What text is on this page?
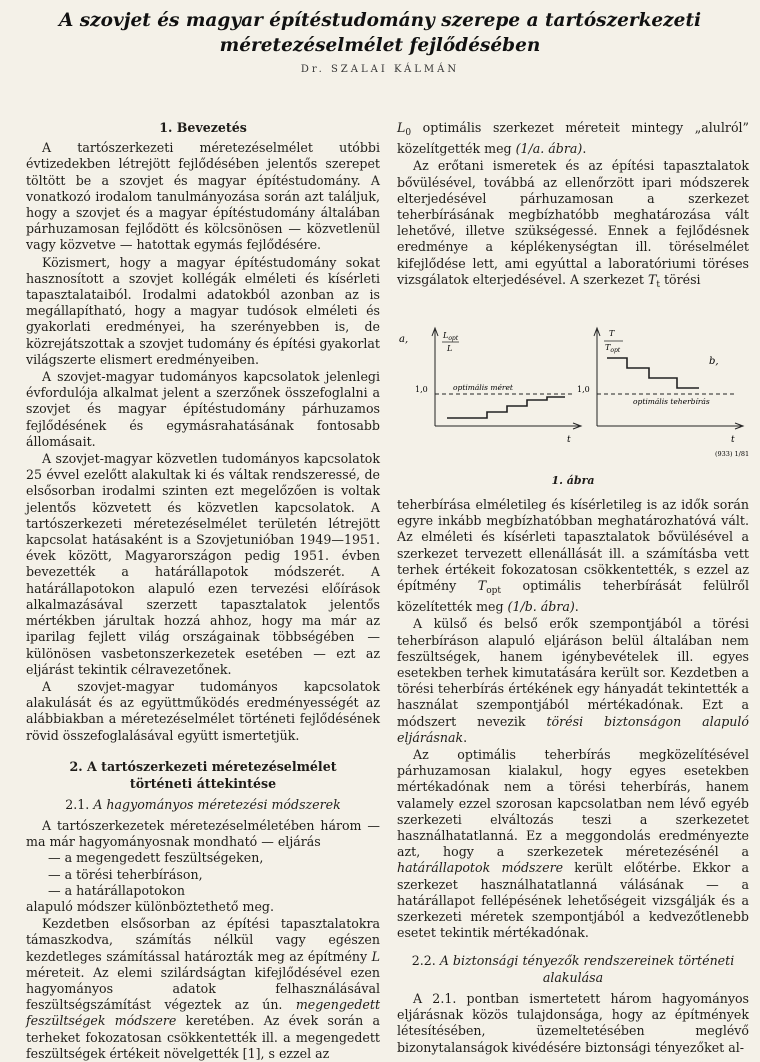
A szovjet és magyar építéstudomány szerepe a tartószerkezeti
méretezéselmélet fejlődésében
Dr. SZALAI KÁLMÁN
1. Bevezetés

A tartószerkezeti méretezéselmélet utóbbi évtizedekben létrejött fejlődésében jelentős szerepet töltött be a szovjet és magyar építéstudomány. A vonatkozó irodalom tanulmányozása során azt találjuk, hogy a szovjet és a magyar építéstudomány általában párhuzamosan fejlődött és kölcsönösen — közvetlenül vagy közvetve — hatottak egymás fejlődésére.

Közismert, hogy a magyar építéstudomány sokat hasznosított a szovjet kollégák elméleti és kísérleti tapasztalataiból. Irodalmi adatokból azonban az is megállapítható, hogy a magyar tudósok elméleti és gyakorlati eredményei, ha szerényebben is, de közrejátszottak a szovjet tudomány és építési gyakorlat világszerte elismert eredményeiben.

A szovjet-magyar tudományos kapcsolatok jelenlegi évfordulója alkalmat jelent a szerzőnek összefoglalni a szovjet és magyar építéstudomány párhuzamos fejlődésének és egymásrahatásának fontosabb állomásait.

A szovjet-magyar közvetlen tudományos kapcsolatok 25 évvel ezelőtt alakultak ki és váltak rendszeressé, de elsősorban irodalmi szinten ezt megelőzően is voltak jelentős közvetett és közvetlen kapcsolatok. A tartószerkezeti méretezéselmélet területén létrejött kapcsolat hatásaként is a Szovjetunióban 1949—1951. évek között, Magyarországon pedig 1951. évben bevezették a határállapotok módszerét. A határállapotokon alapuló ezen tervezési előírások alkalmazásával szerzett tapasztalatok jelentős mértékben járultak hozzá ahhoz, hogy ma már az iparilag fejlett világ országainak többségében — különösen vasbetonszerkezetek esetében — ezt az eljárást tekintik célravezetőnek.

A szovjet-magyar tudományos kapcsolatok alakulását és az együttműködés eredményességét az alábbiakban a méretezéselmélet történeti fejlődésének rövid összefoglalásával együtt ismertetjük.

2. A tartószerkezeti méretezéselmélet
történeti áttekintése
2.1. A hagyományos méretezési módszerek

A tartószerkezetek méretezéselméletében három — ma már hagyományosnak mondható — eljárás

— a megengedett feszültségeken,
— a törési teherbíráson,
— a határállapotokon

alapuló módszer különböztethető meg.

Kezdetben elsősorban az építési tapasztalatokra támaszkodva, számítás nélkül vagy egészen kezdetleges számítással határozták meg az építmény L méreteit. Az elemi szilárdságtan kifejlődésével ezen hagyományos adatok felhasználásával feszültségszámítást végeztek az ún. megengedett feszültségek módszere keretében. Az évek során a terheket fokozatosan csökkentették ill. a megengedett feszültségek értékeit növelgették [1], s ezzel az

$L_0$ optimális szerkezet méreteit mintegy „alulról” közelítgették meg (1/a. ábra).

Az erőtani ismeretek és az építési tapasztalatok bővülésével, továbbá az ellenőrzött ipari módszerek elterjedésével párhuzamosan a szerkezet teherbírásának megbízhatóbb meghatározása vált lehetővé, illetve szükségessé. Ennek a fejlődésnek eredménye a képlékenységtan ill. töréselmélet kifejlődése lett, ami egyúttal a laboratóriumi töréses vizsgálatok elterjedésével. A szerkezet $T_t$ törési

a,
1,0
$L_{opt}$
L
optimális méret
t
b,
1,0
T
$T_{opt}$
optimális teherbírás
t
(933) 1/81
1. ábra

teherbírása elméletileg és kísérletileg is az idők során egyre inkább megbízhatóbban meghatározhatóvá vált. Az elméleti és kísérleti tapasztalatok bővülésével a szerkezet tervezett ellenállását ill. a számításba vett terhek értékeit fokozatosan csökkentették, s ezzel az építmény $T_{opt}$ optimális teherbírását felülről közelítették meg (1/b. ábra).

A külső és belső erők szempontjából a törési teherbíráson alapuló eljáráson belül általában nem feszültségek, hanem igénybevételek ill. egyes esetekben terhek kimutatására került sor. Kezdetben a törési teherbírás értékének egy hányadát tekintették a használat szempontjából mértékadónak. Ezt a módszert nevezik törési biztonságon alapuló eljárásnak.

Az optimális teherbírás megközelítésével párhuzamosan kialakul, hogy egyes esetekben mértékadónak nem a törési teherbírás, hanem valamely ezzel szorosan kapcsolatban nem lévő egyéb szerkezeti elváltozás teszi a szerkezetet használhatatlanná. Ez a meggondolás eredményezte azt, hogy a szerkezetek méretezésénél a határállapotok módszere került előtérbe. Ekkor a szerkezet használhatatlanná válásának — a határállapot fellépésének lehetőségeit vizsgálják és a szerkezeti méretek szempontjából a kedvezőtlenebb esetet tekintik mértékadónak.

2.2. A biztonsági tényezők rendszereinek történeti
alakulása

A 2.1. pontban ismertetett három hagyományos eljárásnak közös tulajdonsága, hogy az építmények létesítésében, üzemeltetésében meglévő bizonytalanságok kivédésére biztonsági tényezőket al-
